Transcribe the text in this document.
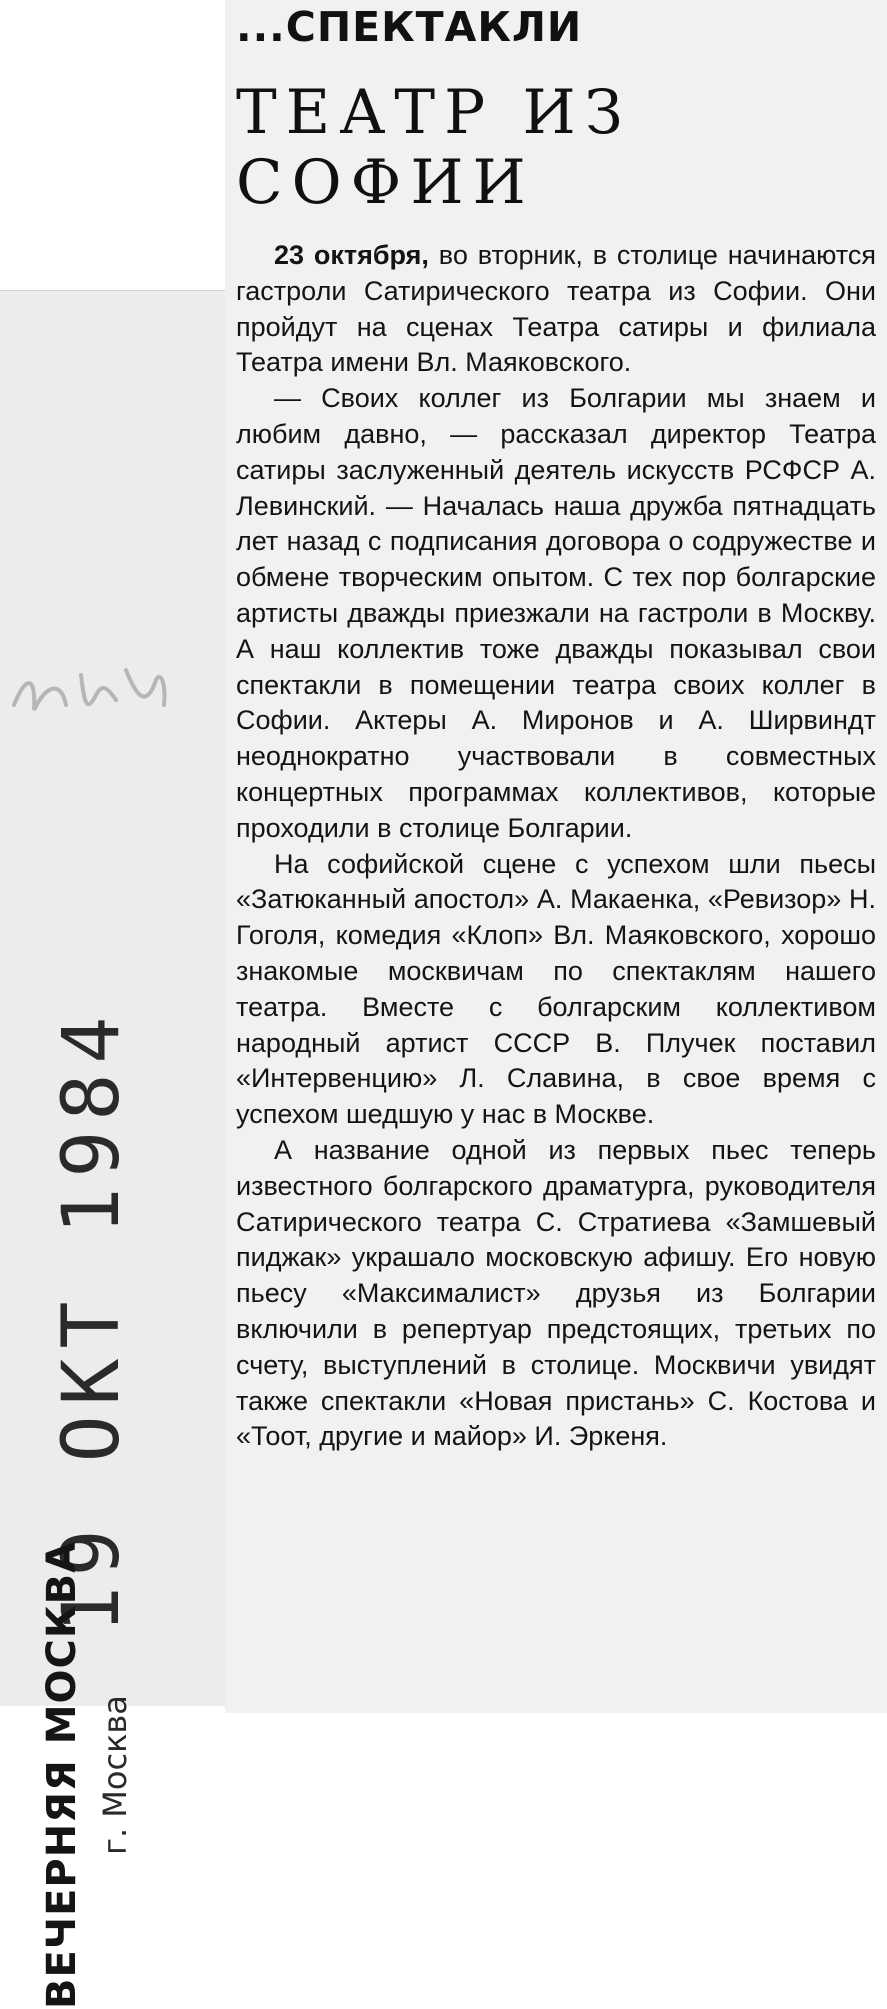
19 ОКТ 1984
ВЕЧЕРНЯЯ МОСКВА г. Москва
...СПЕКТАКЛИ
ТЕАТР ИЗ СОФИИ

23 октября, во вторник, в столице начинаются гастроли Сатирического театра из Софии. Они пройдут на сценах Театра сатиры и филиала Театра имени Вл. Маяковского.

— Своих коллег из Болгарии мы знаем и любим давно, — рассказал директор Театра сатиры заслуженный деятель искусств РСФСР А. Левинский. — Началась наша дружба пятнадцать лет назад с подписания договора о содружестве и обмене творческим опытом. С тех пор болгарские артисты дважды приезжали на гастроли в Москву. А наш коллектив тоже дважды показывал свои спектакли в помещении театра своих коллег в Софии. Актеры А. Миронов и А. Ширвиндт неоднократно участвовали в совместных концертных программах коллективов, которые проходили в столице Болгарии.

На софийской сцене с успехом шли пьесы «Затюканный апостол» А. Макаенка, «Ревизор» Н. Гоголя, комедия «Клоп» Вл. Маяковского, хорошо знакомые москвичам по спектаклям нашего театра. Вместе с болгарским коллективом народный артист СССР В. Плучек поставил «Интервенцию» Л. Славина, в свое время с успехом шедшую у нас в Москве.

А название одной из первых пьес теперь известного болгарского драматурга, руководителя Сатирического театра С. Стратиева «Замшевый пиджак» украшало московскую афишу. Его новую пьесу «Максималист» друзья из Болгарии включили в репертуар предстоящих, третьих по счету, выступлений в столице. Москвичи увидят также спектакли «Новая пристань» С. Костова и «Тоот, другие и майор» И. Эркеня.
